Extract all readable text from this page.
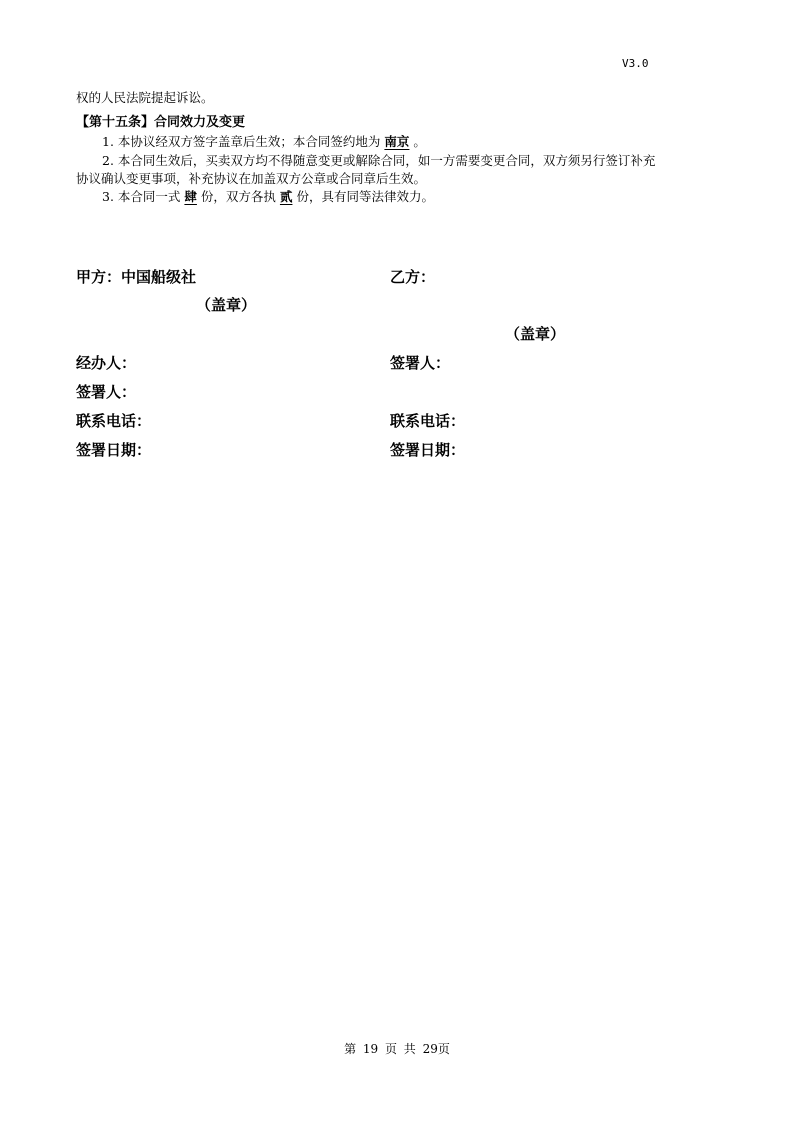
V3.0
权的人民法院提起诉讼。
【第十五条】合同效力及变更
1. 本协议经双方签字盖章后生效；本合同签约地为 南京 。
2. 本合同生效后，买卖双方均不得随意变更或解除合同，如一方需要变更合同，双方须另行签订补充
协议确认变更事项，补充协议在加盖双方公章或合同章后生效。
3. 本合同一式 肆 份，双方各执 贰 份，具有同等法律效力。
甲方：中国船级社
（盖章）
经办人：
签署人：
联系电话：
签署日期：
乙方：
（盖章）
签署人：
联系电话：
签署日期：
第 19 页 共 29页
